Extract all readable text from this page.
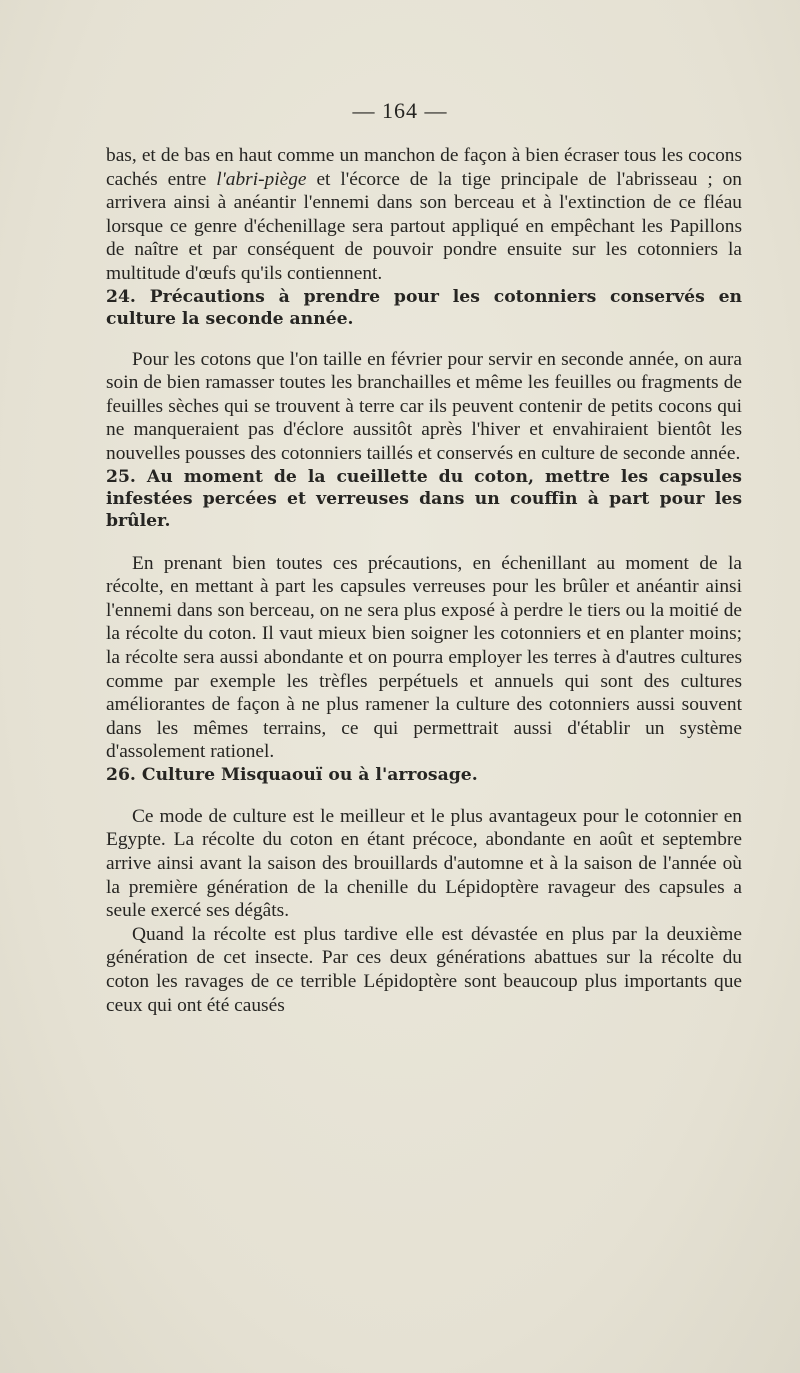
— 164 —

bas, et de bas en haut comme un manchon de façon à bien écraser tous les cocons cachés entre l'abri-piège et l'écorce de la tige principale de l'abrisseau ; on arrivera ainsi à anéantir l'ennemi dans son berceau et à l'extinction de ce fléau lorsque ce genre d'échenillage sera partout appliqué en empêchant les Papillons de naître et par conséquent de pouvoir pondre ensuite sur les cotonniers la multitude d'œufs qu'ils contiennent.

24. Précautions à prendre pour les cotonniers conservés en culture la seconde année.

Pour les cotons que l'on taille en février pour servir en seconde année, on aura soin de bien ramasser toutes les branchailles et même les feuilles ou fragments de feuilles sèches qui se trouvent à terre car ils peuvent contenir de petits cocons qui ne manqueraient pas d'éclore aussitôt après l'hiver et envahiraient bientôt les nouvelles pousses des cotonniers taillés et conservés en culture de seconde année.

25. Au moment de la cueillette du coton, mettre les capsules infestées percées et verreuses dans un couffin à part pour les brûler.

En prenant bien toutes ces précautions, en échenillant au moment de la récolte, en mettant à part les capsules verreuses pour les brûler et anéantir ainsi l'ennemi dans son berceau, on ne sera plus exposé à perdre le tiers ou la moitié de la récolte du coton. Il vaut mieux bien soigner les cotonniers et en planter moins; la récolte sera aussi abondante et on pourra employer les terres à d'autres cultures comme par exemple les trèfles perpétuels et annuels qui sont des cultures améliorantes de façon à ne plus ramener la culture des cotonniers aussi souvent dans les mêmes terrains, ce qui permettrait aussi d'établir un système d'assolement rationel.

26. Culture Misquaouï ou à l'arrosage.

Ce mode de culture est le meilleur et le plus avantageux pour le cotonnier en Egypte. La récolte du coton en étant précoce, abondante en août et septembre arrive ainsi avant la saison des brouillards d'automne et à la saison de l'année où la première génération de la chenille du Lépidoptère ravageur des capsules a seule exercé ses dégâts.

Quand la récolte est plus tardive elle est dévastée en plus par la deuxième génération de cet insecte. Par ces deux générations abattues sur la récolte du coton les ravages de ce terrible Lépidoptère sont beaucoup plus importants que ceux qui ont été causés
